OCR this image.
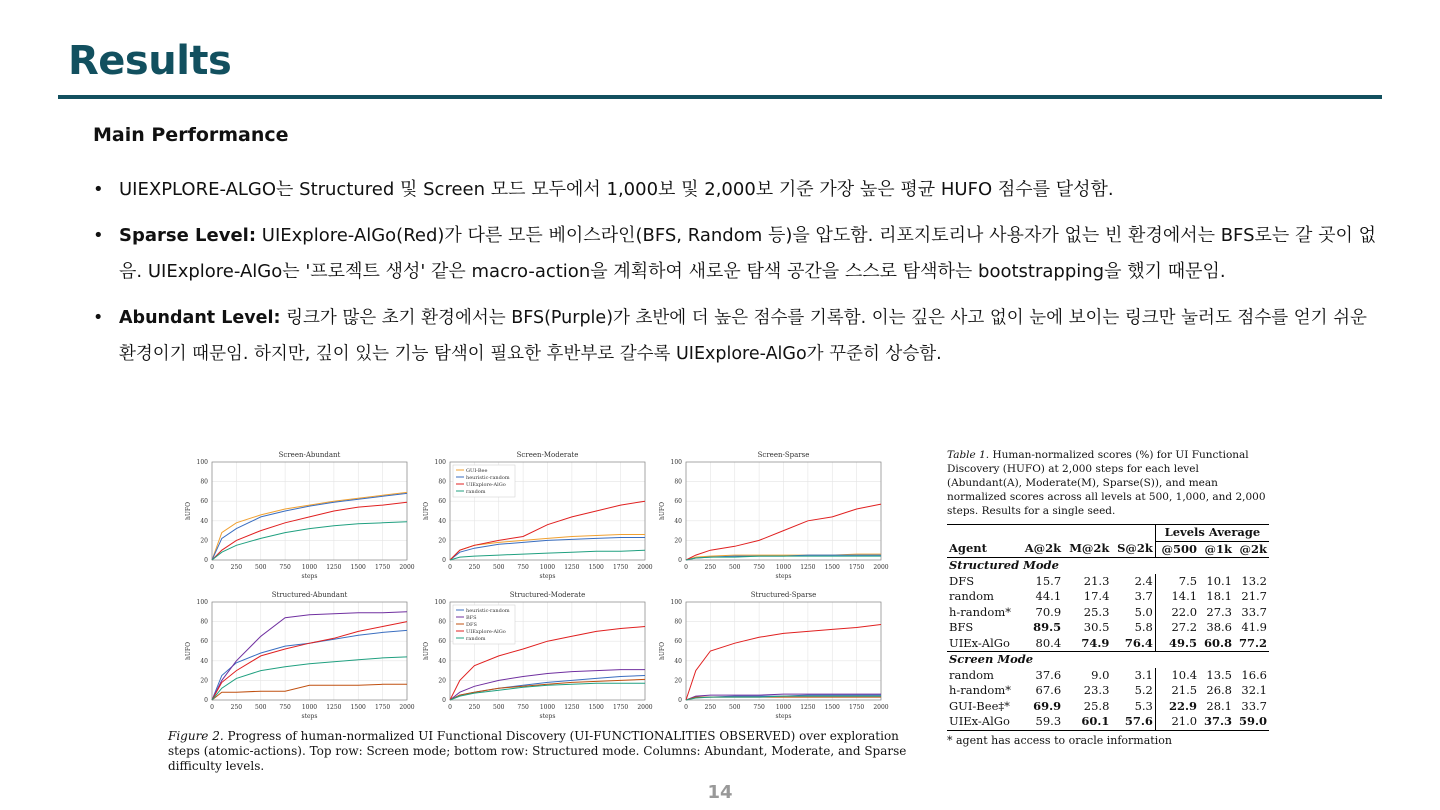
Results
Main Performance
• UIEXPLORE-ALGO는 Structured 및 Screen 모드 모두에서 1,000보 및 2,000보 기준 가장 높은 평균 HUFO 점수를 달성함.
• Sparse Level: UIExplore-AlGo(Red)가 다른 모든 베이스라인(BFS, Random 등)을 압도함. 리포지토리나 사용자가 없는 빈 환경에서는 BFS로는 갈 곳이 없음. UIExplore-AlGo는 '프로젝트 생성' 같은 macro-action을 계획하여 새로운 탐색 공간을 스스로 탐색하는 bootstrapping을 했기 때문임.
• Abundant Level: 링크가 많은 초기 환경에서는 BFS(Purple)가 초반에 더 높은 점수를 기록함. 이는 깊은 사고 없이 눈에 보이는 링크만 눌러도 점수를 얻기 쉬운 환경이기 때문임. 하지만, 깊이 있는 기능 탐색이 필요한 후반부로 갈수록 UIExplore-AlGo가 꾸준히 상승함.
Screen-Abundant
0
20
40
60
80
100
0	250 500 750 1000 1250 1500 1750 2000
steps
hUFO
Screen-Moderate
0
20
40
60
80
100
0	250 500 750 1000 1250 1500 1750 2000
steps
hUFO
GUI-Bee
heuristic-random
UIExplore-AlGo
random
Screen-Sparse
0
20
40
60
80
100
0	250 500 750 1000 1250 1500 1750 2000
steps
hUFO
Structured-Abundant
0
20
40
60
80
100
0	250 500 750 1000 1250 1500 1750 2000
steps
hUFO
Structured-Moderate
0
20
40
60
80
100
0	250 500 750 1000 1250 1500 1750 2000
steps
hUFO
heuristic-random
BFS
DFS
UIExplore-AlGo
random
Structured-Sparse
0
20
40
60
80
100
0	250 500 750 1000 1250 1500 1750 2000
steps
hUFO
Figure 2. Progress of human-normalized UI Functional Discovery (UI-FUNCTIONALITIES OBSERVED) over exploration steps (atomic-actions). Top row: Screen mode; bottom row: Structured mode. Columns: Abundant, Moderate, and Sparse difficulty levels.
Table 1. Human-normalized scores (%) for UI Functional Discovery (HUFO) at 2,000 steps for each level (Abundant(A), Moderate(M), Sparse(S)), and mean normalized scores across all levels at 500, 1,000, and 2,000 steps. Results for a single seed.
				Levels Average		
Agent	A@2k	M@2k	S@2k	@500	@1k	@2k
Structured Mode						
DFS	15.7	21.3	2.4	7.5	10.1	13.2
random	44.1	17.4	3.7	14.1	18.1	21.7
h-random*	70.9	25.3	5.0	22.0	27.3	33.7
BFS	89.5	30.5	5.8	27.2	38.6	41.9
UIEx-AlGo	80.4	74.9	76.4	49.5	60.8	77.2
Screen Mode						
random	37.6	9.0	3.1	10.4	13.5	16.6
h-random*	67.6	23.3	5.2	21.5	26.8	32.1
GUI-Bee‡*	69.9	25.8	5.3	22.9	28.1	33.7
UIEx-AlGo	59.3	60.1	57.6	21.0	37.3	59.0
* agent has access to oracle information
14
